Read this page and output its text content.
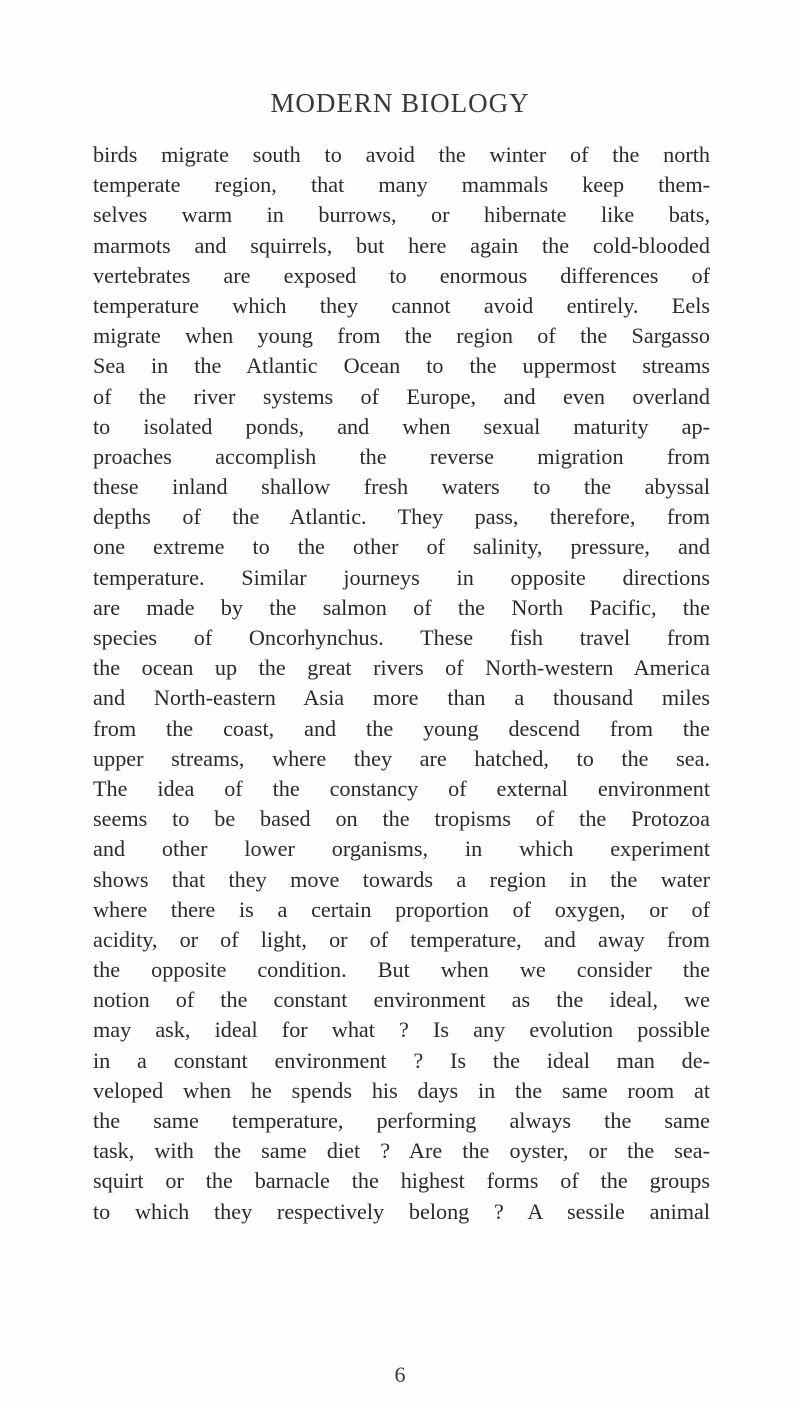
MODERN BIOLOGY
birds migrate south to avoid the winter of the north
temperate region, that many mammals keep them-
selves warm in burrows, or hibernate like bats,
marmots and squirrels, but here again the cold-blooded
vertebrates are exposed to enormous differences of
temperature which they cannot avoid entirely. Eels
migrate when young from the region of the Sargasso
Sea in the Atlantic Ocean to the uppermost streams
of the river systems of Europe, and even overland
to isolated ponds, and when sexual maturity ap-
proaches accomplish the reverse migration from
these inland shallow fresh waters to the abyssal
depths of the Atlantic. They pass, therefore, from
one extreme to the other of salinity, pressure, and
temperature. Similar journeys in opposite directions
are made by the salmon of the North Pacific, the
species of Oncorhynchus. These fish travel from
the ocean up the great rivers of North-western America
and North-eastern Asia more than a thousand miles
from the coast, and the young descend from the
upper streams, where they are hatched, to the sea.
The idea of the constancy of external environment
seems to be based on the tropisms of the Protozoa
and other lower organisms, in which experiment
shows that they move towards a region in the water
where there is a certain proportion of oxygen, or of
acidity, or of light, or of temperature, and away from
the opposite condition. But when we consider the
notion of the constant environment as the ideal, we
may ask, ideal for what ? Is any evolution possible
in a constant environment ? Is the ideal man de-
veloped when he spends his days in the same room at
the same temperature, performing always the same
task, with the same diet ? Are the oyster, or the sea-
squirt or the barnacle the highest forms of the groups
to which they respectively belong ? A sessile animal
6
